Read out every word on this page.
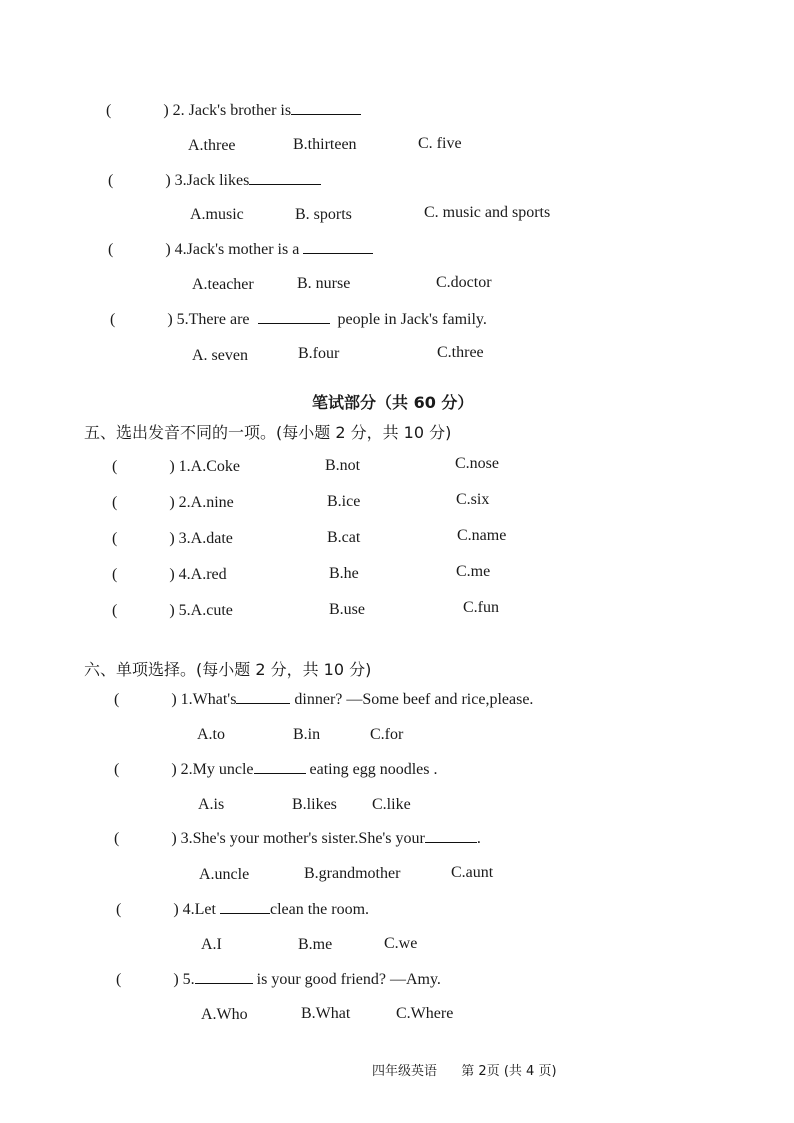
(	) 2. Jack's brother is
A.three	B.thirteen	C. five
(	) 3.Jack likes
A.music	B. sports	C. music and sports
(	) 4.Jack's mother is a
A.teacher	B. nurse	C.doctor
(	) 5.There are	people in Jack's family.
A. seven	B.four	C.three
笔试部分（共 60 分）
五、选出发音不同的一项。(每小题 2 分，共 10 分)
(	) 1.A.Coke	B.not	C.nose
(	) 2.A.nine	B.ice	C.six
(	) 3.A.date	B.cat	C.name
(	) 4.A.red	B.he	C.me
(	) 5.A.cute	B.use	C.fun
六、单项选择。(每小题 2 分，共 10 分)
(	) 1.What's	dinner? —Some beef and rice,please.
A.to	B.in	C.for
(	) 2.My uncle	eating egg noodles .
A.is	B.likes C.like
(	) 3.She's your mother's sister.She's your	.
A.uncle	B.grandmother	C.aunt
(	) 4.Let	clean the room.
A.I	B.me	C.we
(	) 5.	is your good friend? —Amy.
A.Who	B.What	C.Where
四年级英语 第 2页 (共 4 页)
